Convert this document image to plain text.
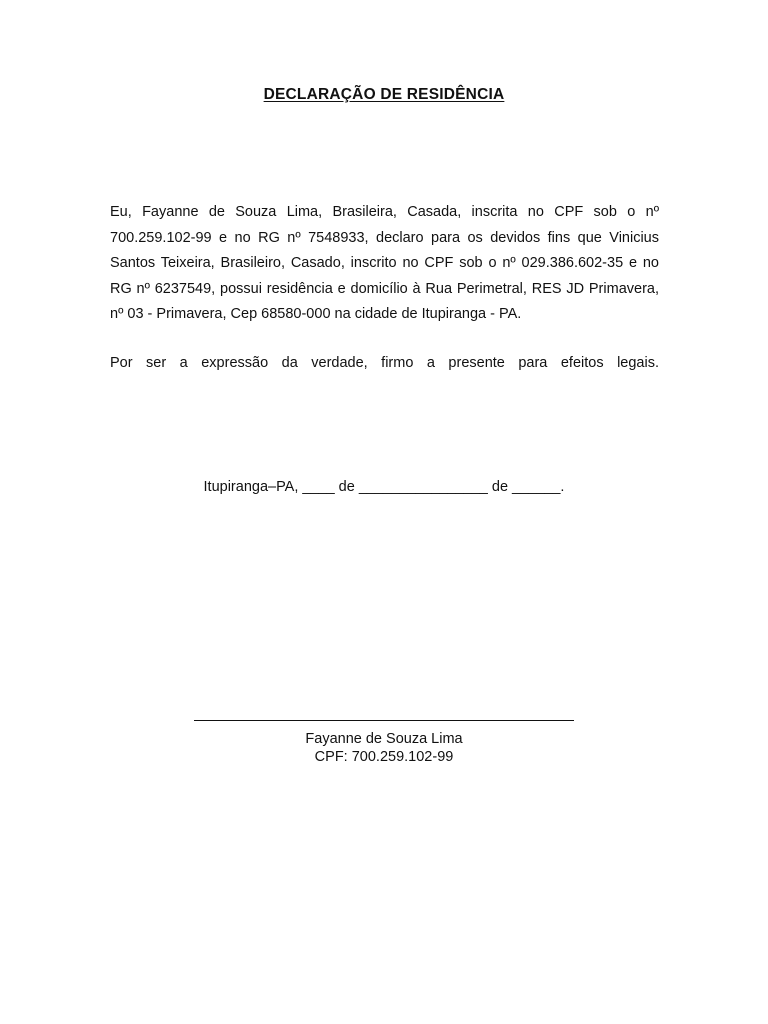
DECLARAÇÃO DE RESIDÊNCIA

Eu, Fayanne de Souza Lima, Brasileira, Casada, inscrita no CPF sob o nº 700.259.102-99 e no RG nº 7548933, declaro para os devidos fins que Vinicius Santos Teixeira, Brasileiro, Casado, inscrito no CPF sob o nº 029.386.602-35 e no RG nº 6237549, possui residência e domicílio à Rua Perimetral, RES JD Primavera, nº 03 - Primavera, Cep 68580-000 na cidade de Itupiranga - PA.

Por ser a expressão da verdade, firmo a presente para efeitos legais.

Itupiranga–PA, ____ de ________________ de ______.
Fayanne de Souza Lima
CPF: 700.259.102-99
